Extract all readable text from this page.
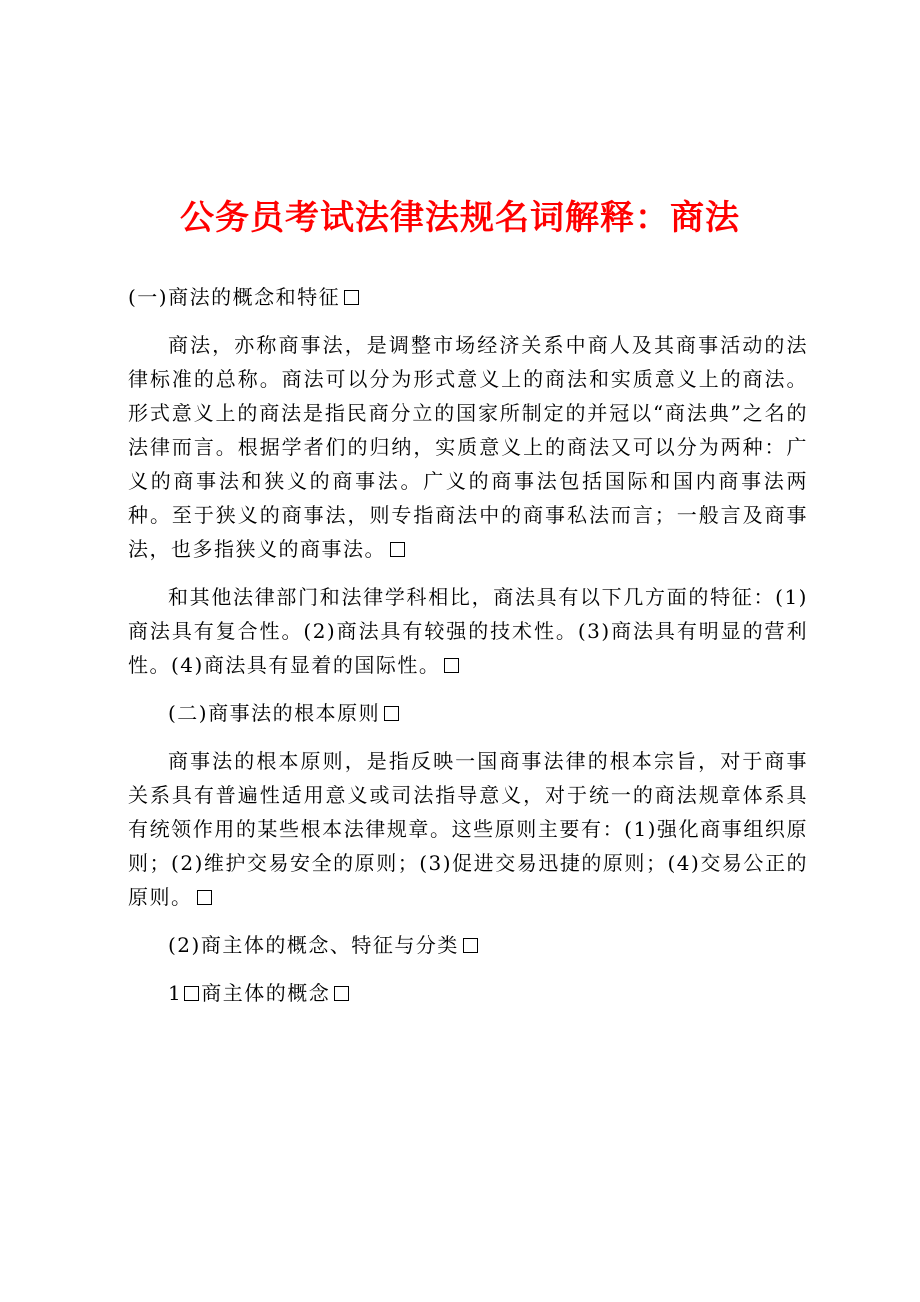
公务员考试法律法规名词解释：商法

(一)商法的概念和特征

商法，亦称商事法，是调整市场经济关系中商人及其商事活动的法律标准的总称。商法可以分为形式意义上的商法和实质意义上的商法。形式意义上的商法是指民商分立的国家所制定的并冠以“商法典”之名的法律而言。根据学者们的归纳，实质意义上的商法又可以分为两种：广义的商事法和狭义的商事法。广义的商事法包括国际和国内商事法两种。至于狭义的商事法，则专指商法中的商事私法而言；一般言及商事法，也多指狭义的商事法。

和其他法律部门和法律学科相比，商法具有以下几方面的特征：(1)商法具有复合性。(2)商法具有较强的技术性。(3)商法具有明显的营利性。(4)商法具有显着的国际性。

(二)商事法的根本原则

商事法的根本原则，是指反映一国商事法律的根本宗旨，对于商事关系具有普遍性适用意义或司法指导意义，对于统一的商法规章体系具有统领作用的某些根本法律规章。这些原则主要有：(1)强化商事组织原则；(2)维护交易安全的原则；(3)促进交易迅捷的原则；(4)交易公正的原则。

(2)商主体的概念、特征与分类

1 商主体的概念
